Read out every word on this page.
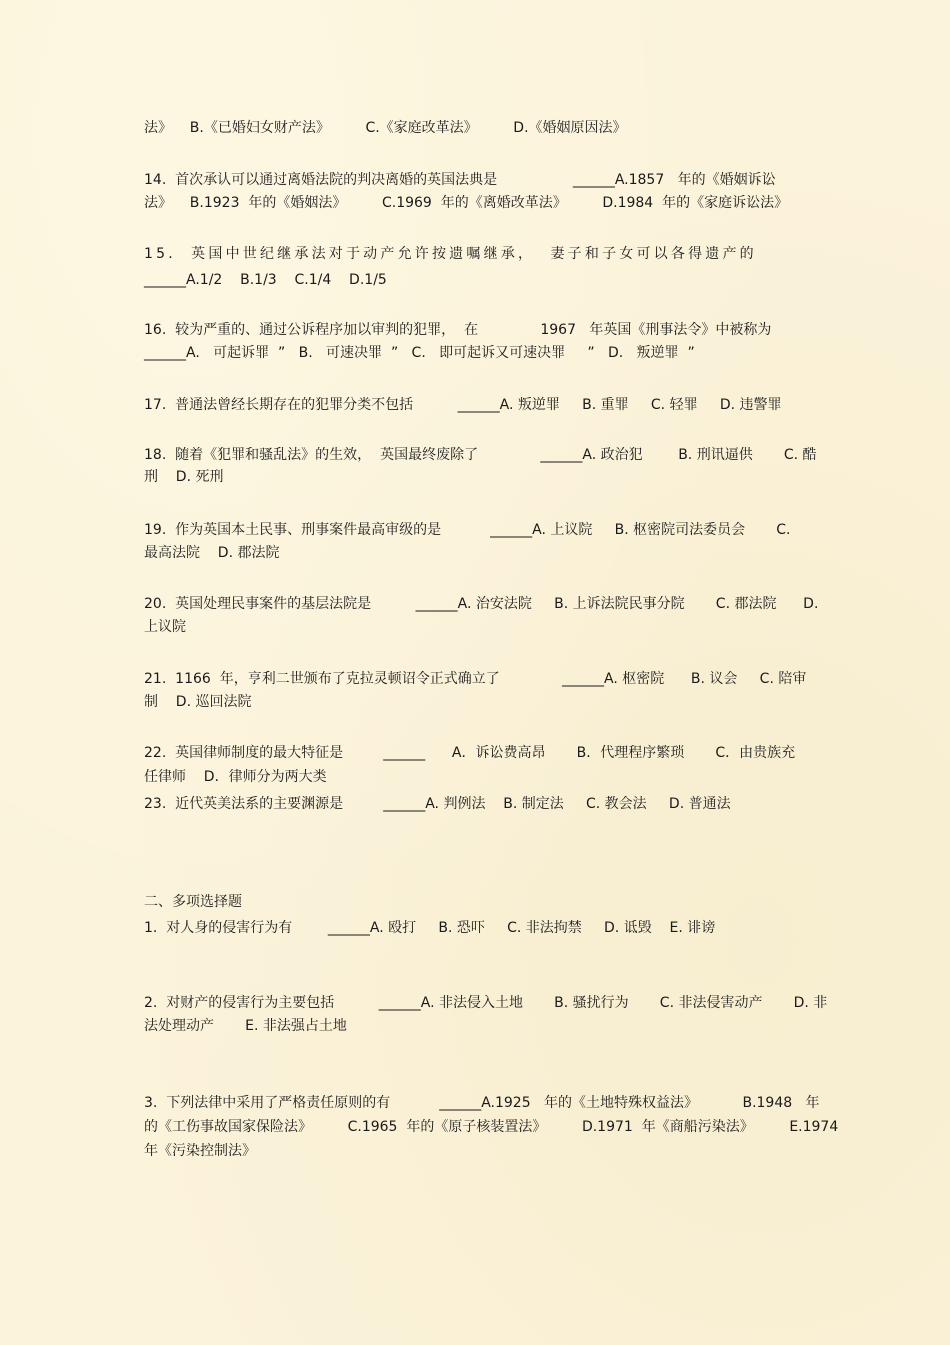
法》    B.《已婚妇女财产法》        C.《家庭改革法》        D.《婚姻原因法》
14.  首次承认可以通过离婚法院的判决离婚的英国法典是                 ______A.1857   年的《婚姻诉讼
法》    B.1923  年的《婚姻法》        C.1969  年的《离婚改革法》        D.1984  年的《家庭诉讼法》
15.  英国中世纪继承法对于动产允许按遗嘱继承，  妻子和子女可以各得遗产的
______A.1/2    B.1/3    C.1/4    D.1/5
16.  较为严重的、通过公诉程序加以审判的犯罪，  在              1967   年英国《刑事法令》中被称为
______A.   可起诉罪  ”   B.   可速决罪  ”   C.   即可起诉又可速决罪     ”   D.   叛逆罪  ”
17.  普通法曾经长期存在的犯罪分类不包括          ______A. 叛逆罪     B. 重罪     C. 轻罪     D. 违警罪
18.  随着《犯罪和骚乱法》的生效，  英国最终废除了              ______A. 政治犯        B. 刑讯逼供       C. 酷
刑    D. 死刑
19.  作为英国本土民事、刑事案件最高审级的是           ______A. 上议院     B. 枢密院司法委员会       C.
最高法院    D. 郡法院
20.  英国处理民事案件的基层法院是          ______A. 治安法院     B. 上诉法院民事分院       C. 郡法院      D.
上议院
21.  1166  年，亨利二世颁布了克拉灵顿诏令正式确立了              ______A. 枢密院      B. 议会     C. 陪审
制    D. 巡回法院
22.  英国律师制度的最大特征是         ______      A．诉讼费高昂       B．代理程序繁琐       C．由贵族充
任律师    D．律师分为两大类
23.  近代英美法系的主要渊源是         ______A. 判例法    B. 制定法     C. 教会法     D. 普通法
二、多项选择题
1.  对人身的侵害行为有        ______A. 殴打     B. 恐吓     C. 非法拘禁     D. 诋毁    E. 诽谤
2.  对财产的侵害行为主要包括          ______A. 非法侵入土地       B. 骚扰行为       C. 非法侵害动产       D. 非
法处理动产       E. 非法强占土地
3.  下列法律中采用了严格责任原则的有           ______A.1925   年的《土地特殊权益法》          B.1948   年
的《工伤事故国家保险法》        C.1965  年的《原子核装置法》        D.1971  年《商船污染法》        E.1974
年《污染控制法》
